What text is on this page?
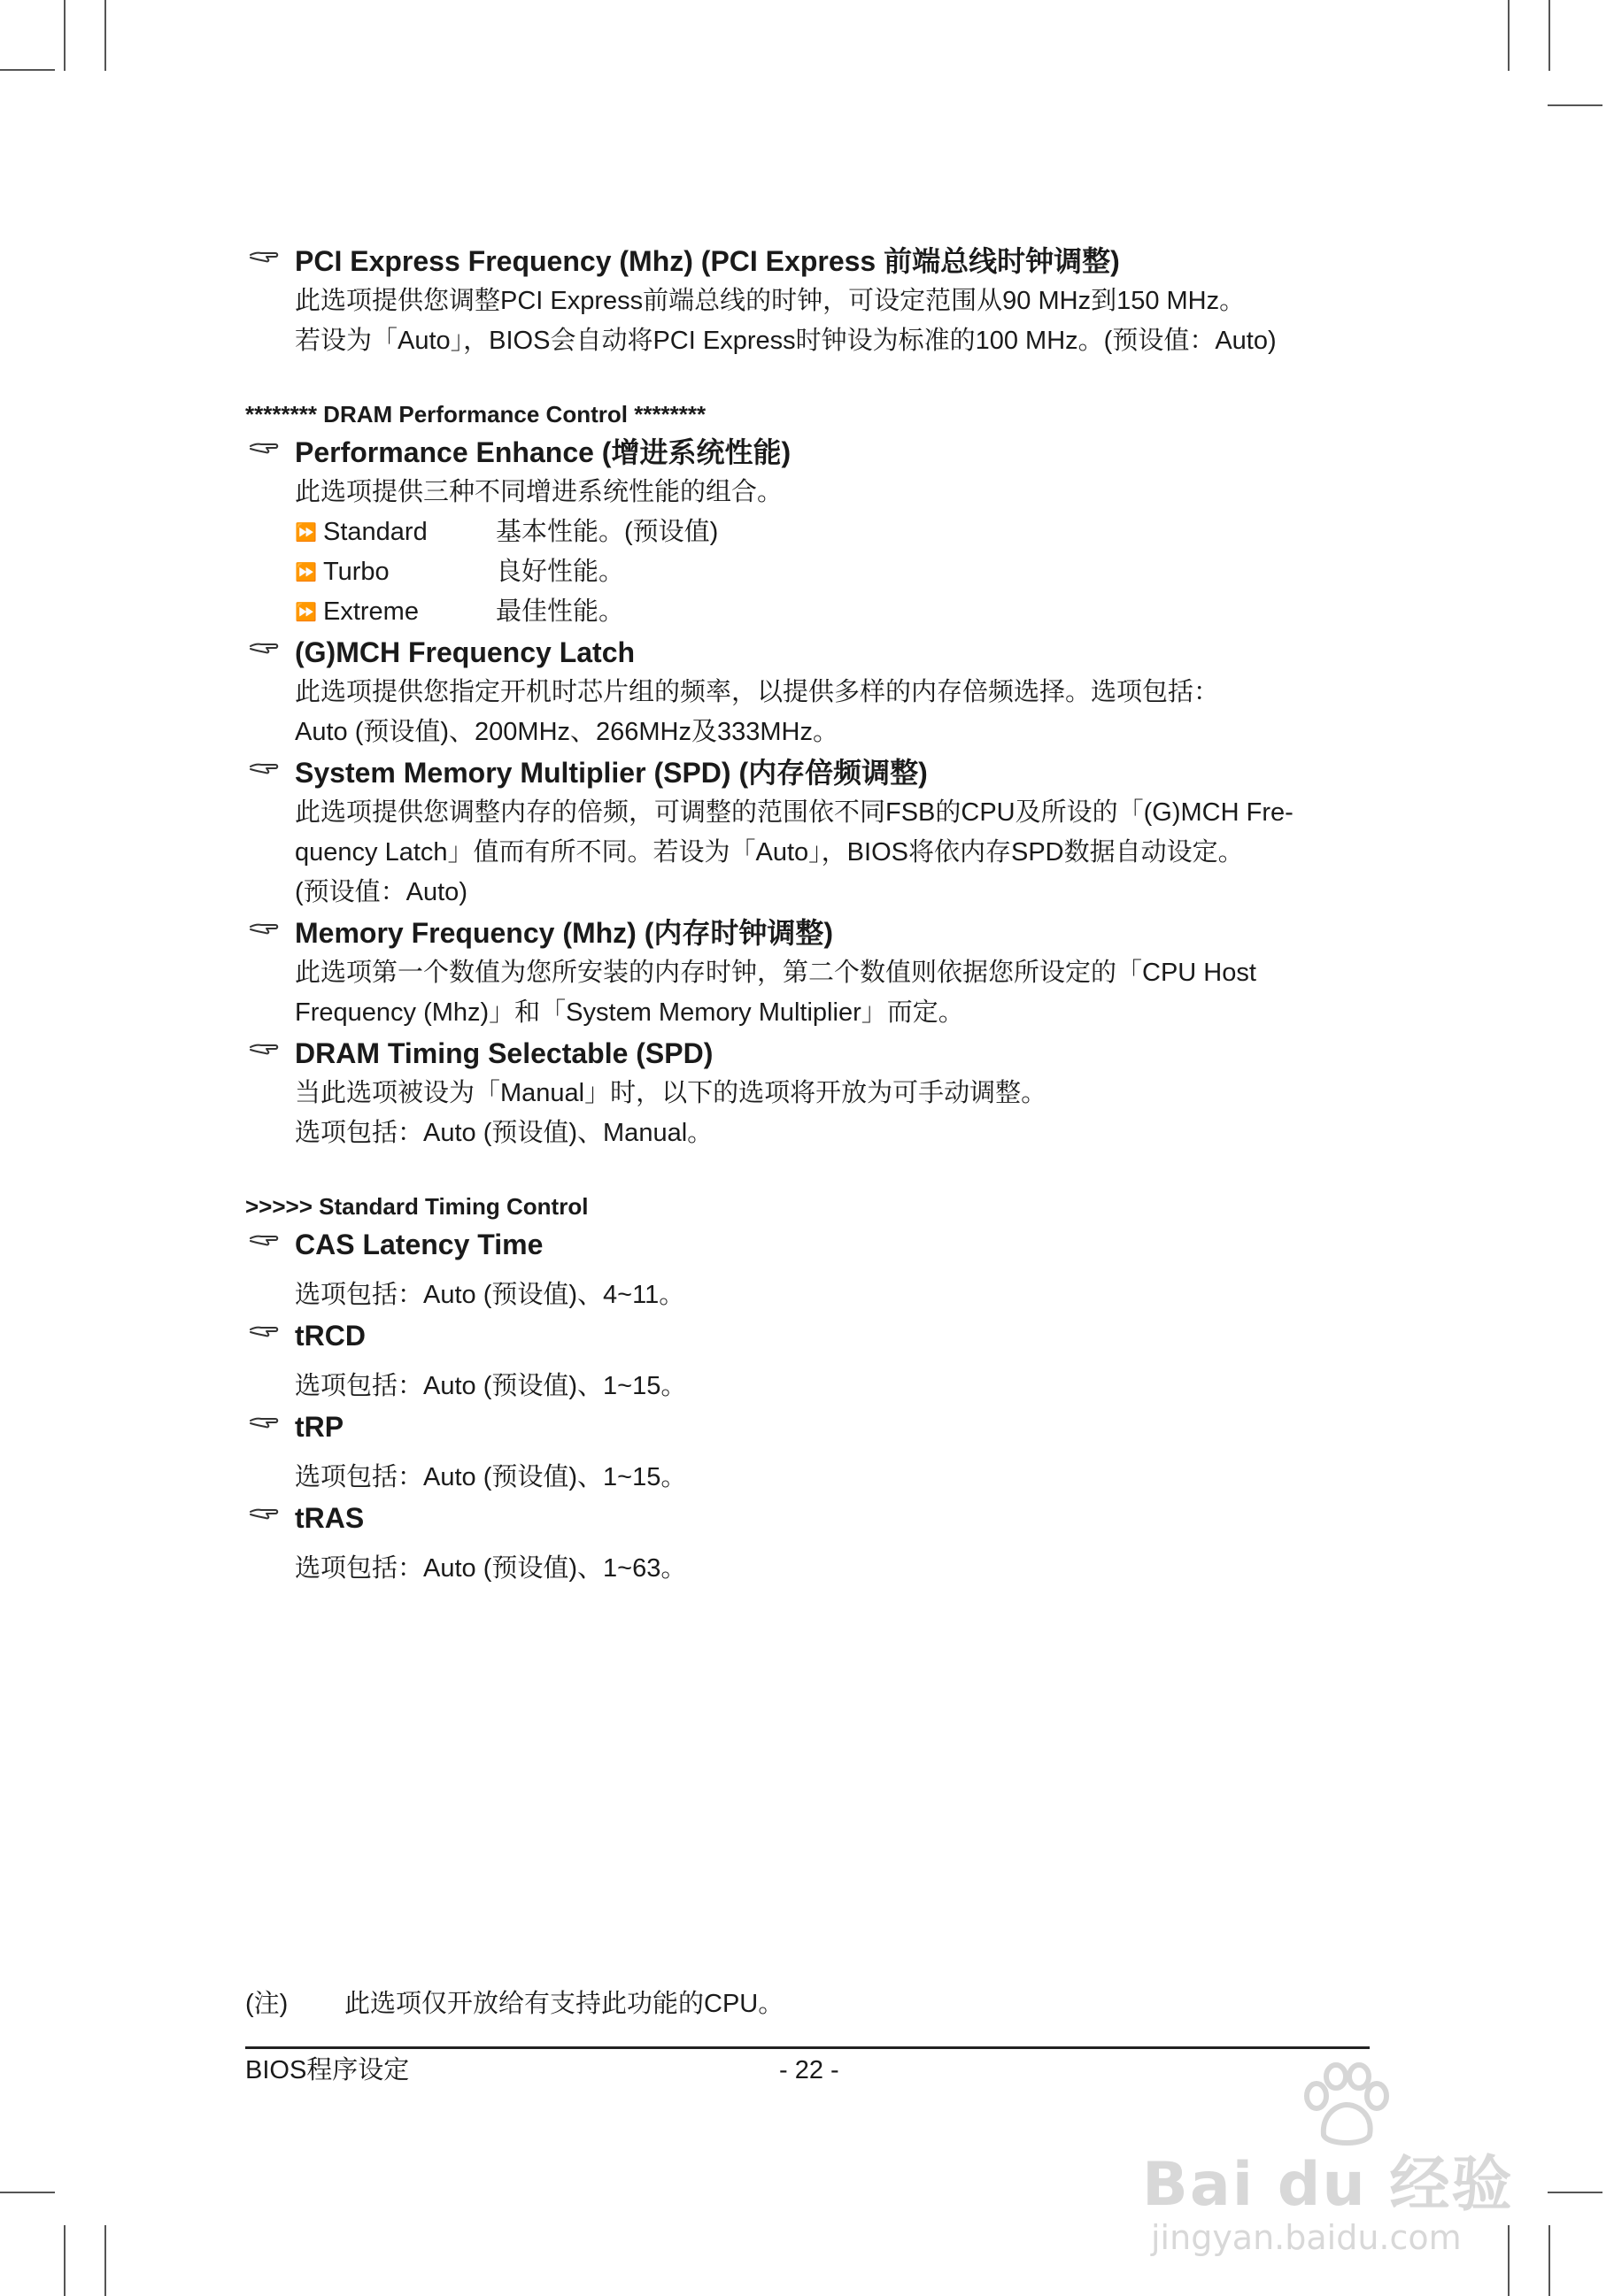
PCI Express Frequency (Mhz) (PCI Express 前端总线时钟调整)
此选项提供您调整PCI Express前端总线的时钟，可设定范围从90 MHz到150 MHz。
若设为「Auto」，BIOS会自动将PCI Express时钟设为标准的100 MHz。(预设值：Auto)
******** DRAM Performance Control ********
Performance Enhance (增进系统性能)
此选项提供三种不同增进系统性能的组合。
⏩ Standard	基本性能。(预设值)
⏩ Turbo	良好性能。
⏩ Extreme	最佳性能。
(G)MCH Frequency Latch
此选项提供您指定开机时芯片组的频率，以提供多样的内存倍频选择。选项包括：
Auto (预设值)、200MHz、266MHz及333MHz。
System Memory Multiplier (SPD) (内存倍频调整)
此选项提供您调整内存的倍频，可调整的范围依不同FSB的CPU及所设的「(G)MCH Fre-
quency Latch」值而有所不同。若设为「Auto」，BIOS将依内存SPD数据自动设定。
(预设值：Auto)
Memory Frequency (Mhz) (内存时钟调整)
此选项第一个数值为您所安装的内存时钟，第二个数值则依据您所设定的「CPU Host
Frequency (Mhz)」和「System Memory Multiplier」而定。
DRAM Timing Selectable (SPD)
当此选项被设为「Manual」时，以下的选项将开放为可手动调整。
选项包括：Auto (预设值)、Manual。
>>>>> Standard Timing Control
CAS Latency Time
选项包括：Auto (预设值)、4~11。
tRCD
选项包括：Auto (预设值)、1~15。
tRP
选项包括：Auto (预设值)、1~15。
tRAS
选项包括：Auto (预设值)、1~63。
(注) 此选项仅开放给有支持此功能的CPU。
BIOS程序设定	- 22 -
Bai du 经验
jingyan.baidu.com
